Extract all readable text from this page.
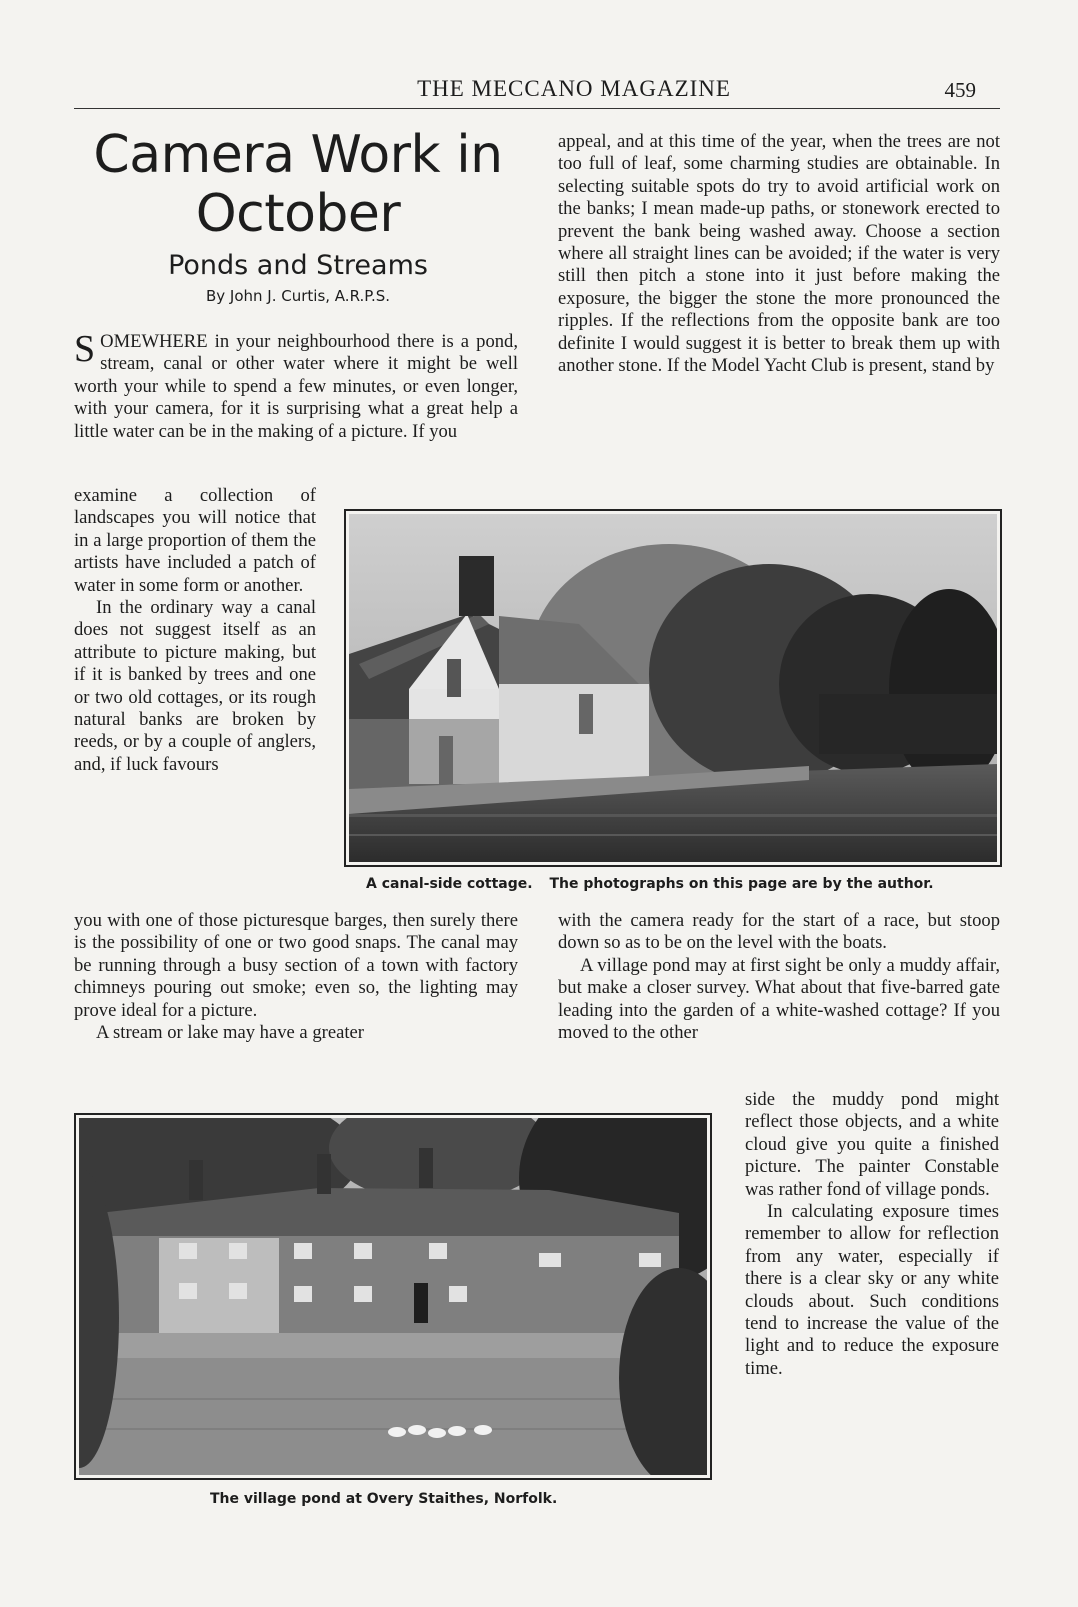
THE MECCANO MAGAZINE	459
Camera Work in
October
Ponds and Streams
By John J. Curtis, A.R.P.S.

SOMEWHERE in your neighbourhood there is a pond, stream, canal or other water where it might be well worth your while to spend a few minutes, or even longer, with your camera, for it is surprising what a great help a little water can be in the making of a picture. If you

examine a collection of landscapes you will notice that in a large proportion of them the artists have included a patch of water in some form or another.

In the ordinary way a canal does not suggest itself as an attribute to picture making, but if it is banked by trees and one or two old cottages, or its rough natural banks are broken by reeds, or by a couple of anglers, and, if luck favours

you with one of those picturesque barges, then surely there is the possibility of one or two good snaps. The canal may be running through a busy section of a town with factory chimneys pouring out smoke; even so, the lighting may prove ideal for a picture.

A stream or lake may have a greater

appeal, and at this time of the year, when the trees are not too full of leaf, some charming studies are obtainable. In selecting suitable spots do try to avoid artificial work on the banks; I mean made-up paths, or stonework erected to prevent the bank being washed away. Choose a section where all straight lines can be avoided; if the water is very still then pitch a stone into it just before making the exposure, the bigger the stone the more pronounced the ripples. If the reflections from the opposite bank are too definite I would suggest it is better to break them up with another stone. If the Model Yacht Club is present, stand by

A canal-side cottage. The photographs on this page are by the author.

with the camera ready for the start of a race, but stoop down so as to be on the level with the boats.

A village pond may at first sight be only a muddy affair, but make a closer survey. What about that five-barred gate leading into the garden of a white-washed cottage? If you moved to the other

The village pond at Overy Staithes, Norfolk.

side the muddy pond might reflect those objects, and a white cloud give you quite a finished picture. The painter Constable was rather fond of village ponds.

In calculating exposure times remember to allow for reflection from any water, especially if there is a clear sky or any white clouds about. Such conditions tend to increase the value of the light and to reduce the exposure time.
